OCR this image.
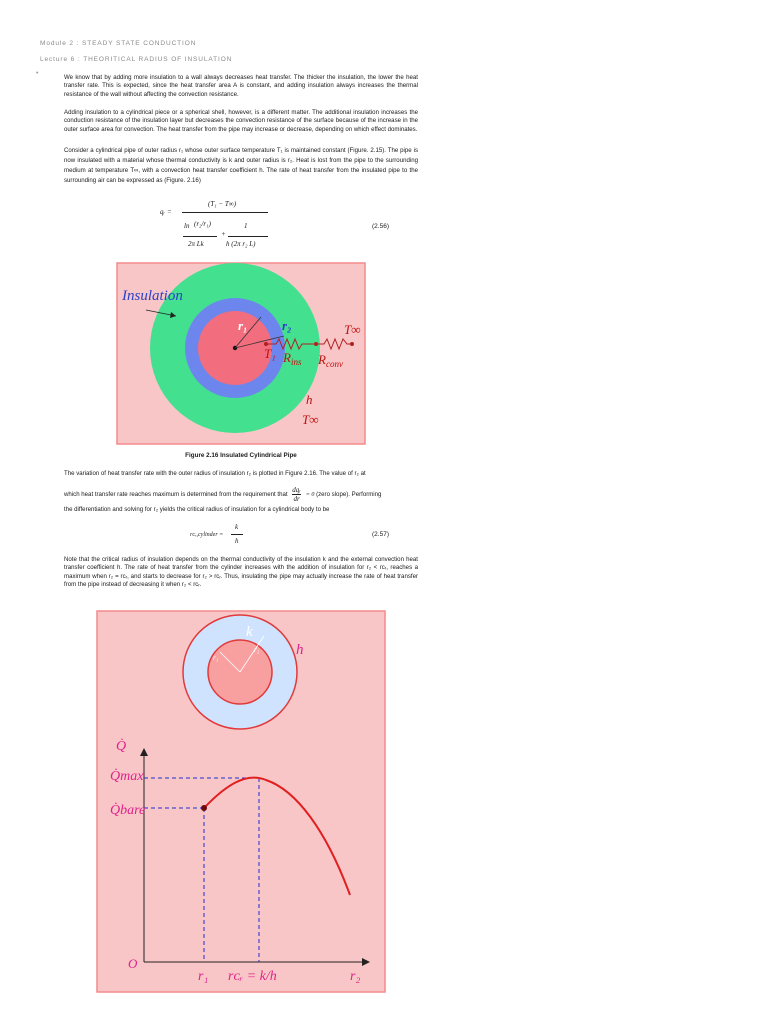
Module 2 : STEADY STATE CONDUCTION
Lecture 6 : THEORITICAL RADIUS OF INSULATION
•
We know that by adding more insulation to a wall always decreases heat transfer. The thicker the insulation, the lower the heat transfer rate. This is expected, since the heat transfer area A is constant, and adding insulation always increases the thermal resistance of the wall without affecting the convection resistance.
Adding insulation to a cylindrical piece or a spherical shell, however, is a different matter. The additional insulation increases the conduction resistance of the insulation layer but decreases the convection resistance of the surface because of the increase in the outer surface area for convection. The heat transfer from the pipe may increase or decrease, depending on which effect dominates.
Consider a cylindrical pipe of outer radius r₁ whose outer surface temperature T₁ is maintained constant (Figure. 2.15). The pipe is now insulated with a material whose thermal conductivity is k and outer radius is r₂. Heat is lost from the pipe to the surrounding medium at temperature T∞, with a convection heat transfer coefficient h. The rate of heat transfer from the insulated pipe to the surrounding air can be expressed as (Figure. 2.16)
qᵣ =
(T₁ − T∞)
ln (r₂/r₁)
2π Lk
+
1
h (2π r₂ L)
(2.56)
Insulation
r₁	r₂
T₁ $R_{ins}$ $R_{conv}$
T∞
h
T∞
Figure 2.16 Insulated Cylindrical Pipe
The variation of heat transfer rate with the outer radius of insulation r₂ is plotted in Figure 2.16. The value of r₂ at
which heat transfer rate reaches maximum is determined from the requirement that
dqᵣ
dr = 0 (zero slope). Performing
the differentiation and solving for r₂ yields the critical radius of insulation for a cylindrical body to be
rᴄᵣ,cylinder =
k
h
(2.57)
Note that the critical radius of insulation depends on the thermal conductivity of the insulation k and the external convection heat transfer coefficient h. The rate of heat transfer from the cylinder increases with the addition of insulation for r₂ < rᴄᵣ, reaches a maximum when r₂ = rᴄᵣ, and starts to decrease for r₂ > rᴄᵣ. Thus, insulating the pipe may actually increase the rate of heat transfer from the pipe instead of decreasing it when r₂ < rᴄᵣ.
k
h
r₁
r₂
Q̇
Q̇max
Q̇bare
O
r₁ rᴄᵣ = k/h	r₂
